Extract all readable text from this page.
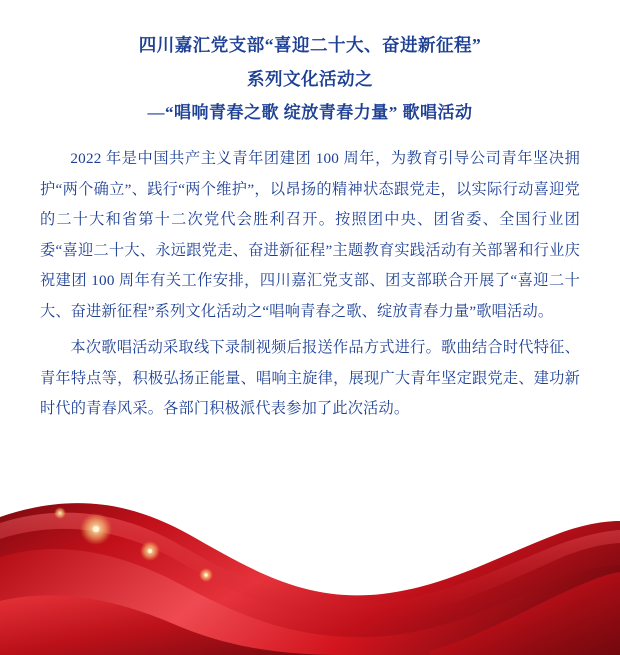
四川嘉汇党支部“喜迎二十大、奋进新征程”
系列文化活动之
—“唱响青春之歌 绽放青春力量” 歌唱活动

2022 年是中国共产主义青年团建团 100 周年，为教育引导公司青年坚决拥护“两个确立”、践行“两个维护”，以昂扬的精神状态跟党走，以实际行动喜迎党的二十大和省第十二次党代会胜利召开。按照团中央、团省委、全国行业团委“喜迎二十大、永远跟党走、奋进新征程”主题教育实践活动有关部署和行业庆祝建团 100 周年有关工作安排，四川嘉汇党支部、团支部联合开展了“喜迎二十大、奋进新征程”系列文化活动之“唱响青春之歌、绽放青春力量”歌唱活动。

本次歌唱活动采取线下录制视频后报送作品方式进行。歌曲结合时代特征、青年特点等，积极弘扬正能量、唱响主旋律，展现广大青年坚定跟党走、建功新时代的青春风采。各部门积极派代表参加了此次活动。
